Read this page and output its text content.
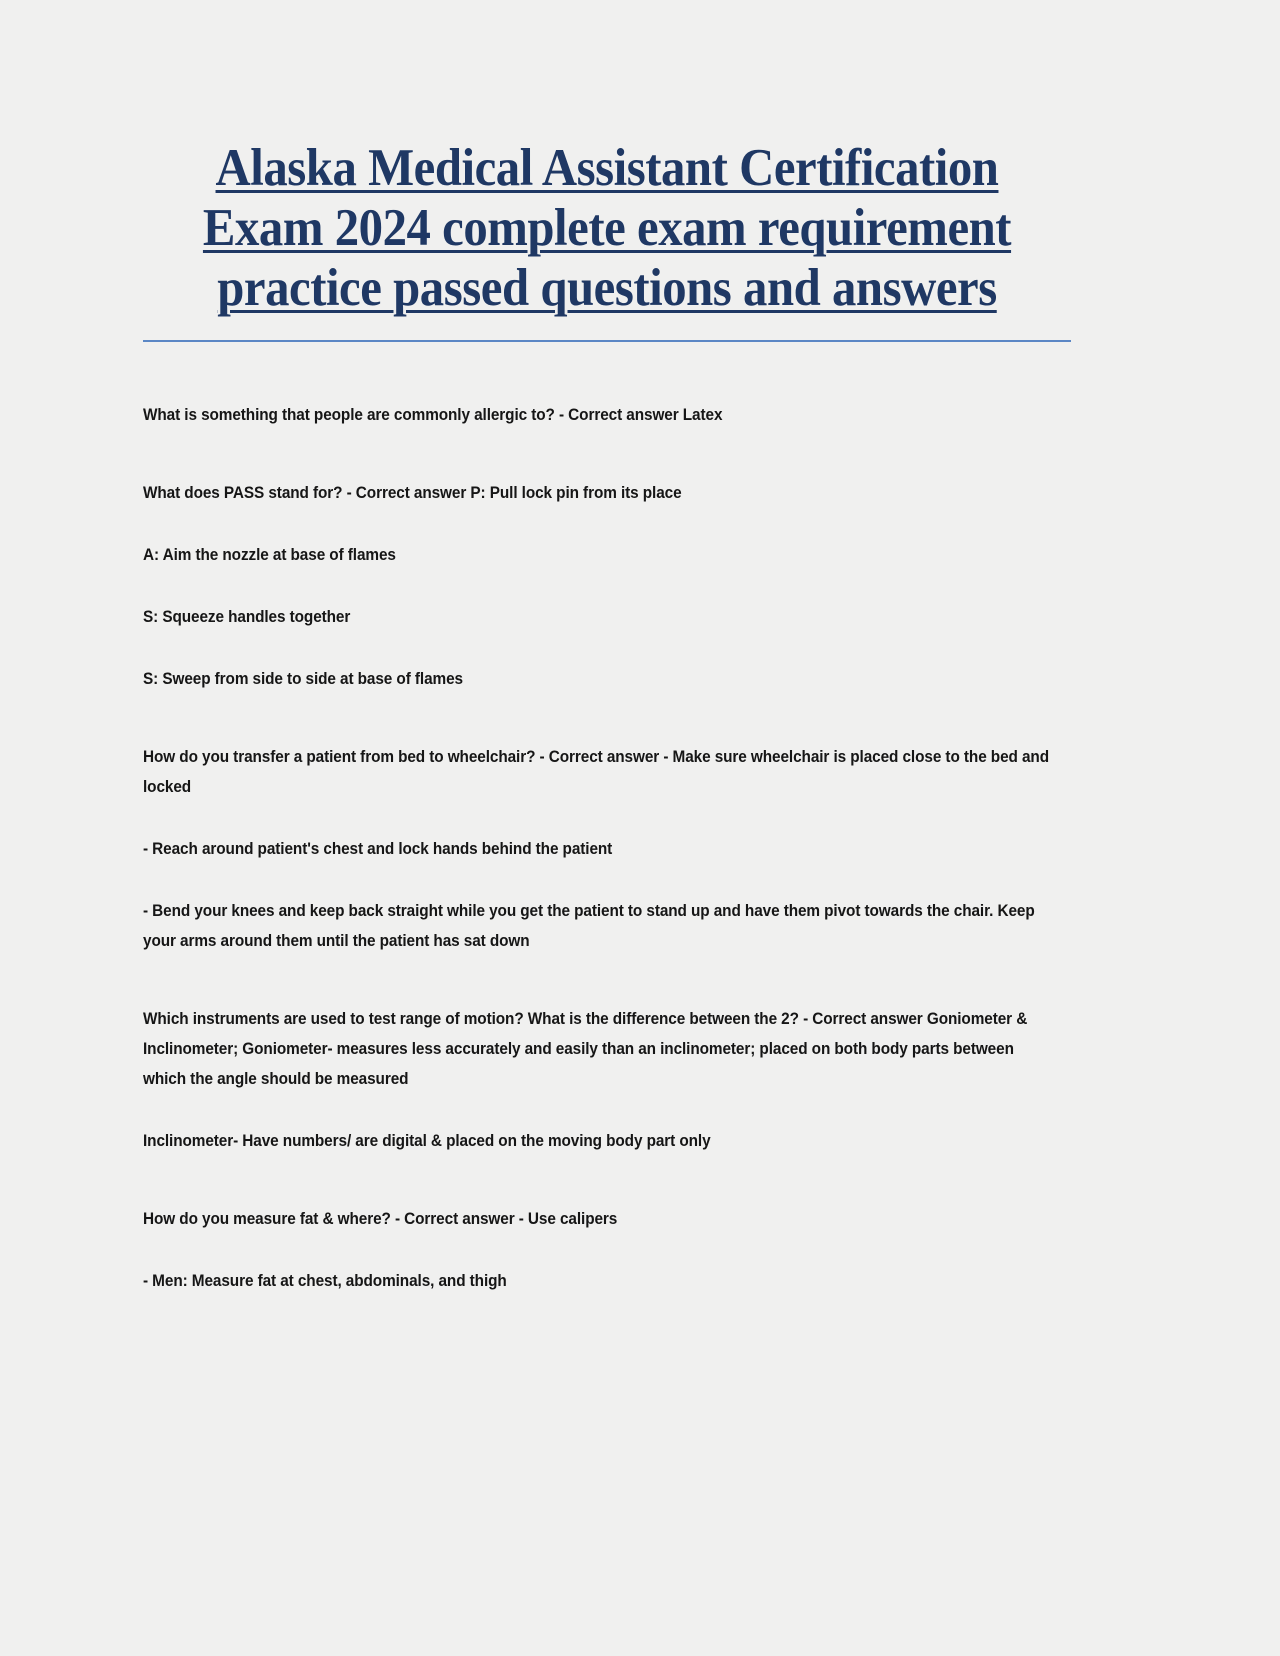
Alaska Medical Assistant Certification Exam 2024 complete exam requirement practice passed questions and answers

What is something that people are commonly allergic to? - Correct answer Latex

What does PASS stand for? - Correct answer P: Pull lock pin from its place

A: Aim the nozzle at base of flames

S: Squeeze handles together

S: Sweep from side to side at base of flames

How do you transfer a patient from bed to wheelchair? - Correct answer - Make sure wheelchair is placed close to the bed and locked

- Reach around patient's chest and lock hands behind the patient

- Bend your knees and keep back straight while you get the patient to stand up and have them pivot towards the chair. Keep your arms around them until the patient has sat down

Which instruments are used to test range of motion? What is the difference between the 2? - Correct answer Goniometer & Inclinometer; Goniometer- measures less accurately and easily than an inclinometer; placed on both body parts between which the angle should be measured

Inclinometer- Have numbers/ are digital & placed on the moving body part only

How do you measure fat & where? - Correct answer - Use calipers

- Men: Measure fat at chest, abdominals, and thigh
